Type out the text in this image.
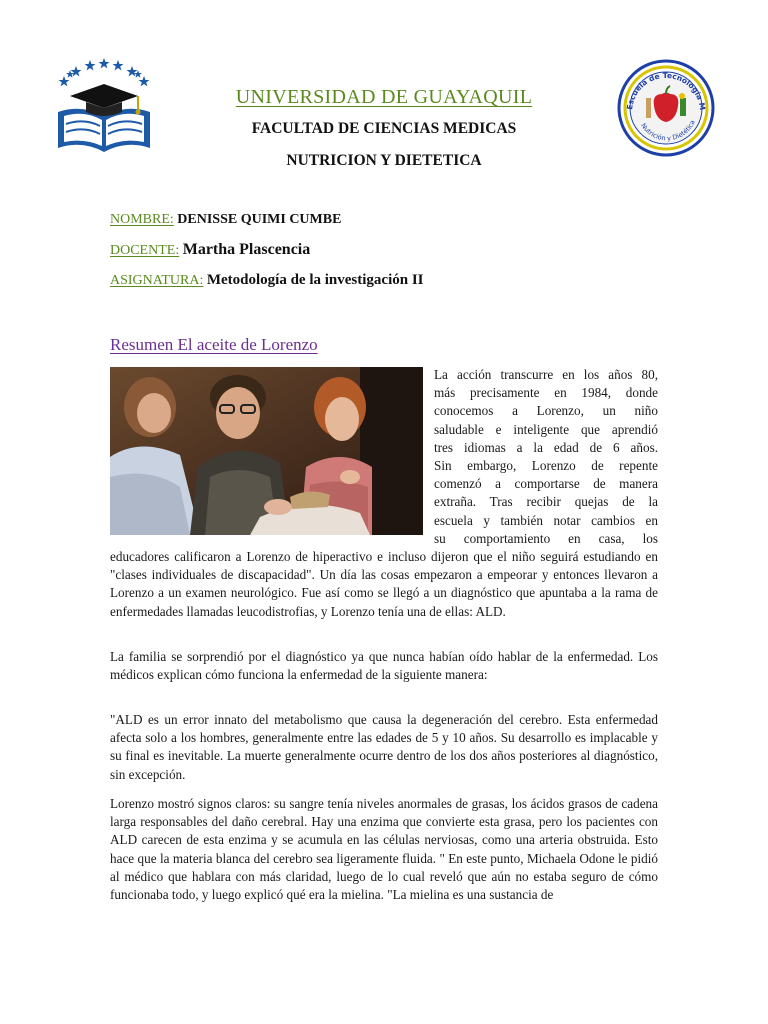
UNIVERSIDAD DE GUAYAQUIL
FACULTAD DE CIENCIAS MEDICAS
NUTRICION Y DIETETICA
Escuela de Tecnología M
Nutrición y Dietética
NOMBRE: DENISSE QUIMI CUMBE
DOCENTE: Martha Plascencia
ASIGNATURA: Metodología de la investigación II
Resumen El aceite de Lorenzo
La acción transcurre en los años 80,
más precisamente en 1984, donde
conocemos a Lorenzo, un niño
saludable e inteligente que aprendió
tres idiomas a la edad de 6 años.
Sin embargo, Lorenzo de repente
comenzó a comportarse de manera
extraña. Tras recibir quejas de la
escuela y también notar cambios en
su comportamiento en casa, los

educadores calificaron a Lorenzo de hiperactivo e incluso dijeron que el niño seguirá estudiando en "clases individuales de discapacidad". Un día las cosas empezaron a empeorar y entonces llevaron a Lorenzo a un examen neurológico. Fue así como se llegó a un diagnóstico que apuntaba a la rama de enfermedades llamadas leucodistrofias, y Lorenzo tenía una de ellas: ALD.

La familia se sorprendió por el diagnóstico ya que nunca habían oído hablar de la enfermedad. Los médicos explican cómo funciona la enfermedad de la siguiente manera:

"ALD es un error innato del metabolismo que causa la degeneración del cerebro. Esta enfermedad afecta solo a los hombres, generalmente entre las edades de 5 y 10 años. Su desarrollo es implacable y su final es inevitable. La muerte generalmente ocurre dentro de los dos años posteriores al diagnóstico, sin excepción.

Lorenzo mostró signos claros: su sangre tenía niveles anormales de grasas, los ácidos grasos de cadena larga responsables del daño cerebral. Hay una enzima que convierte esta grasa, pero los pacientes con ALD carecen de esta enzima y se acumula en las células nerviosas, como una arteria obstruida. Esto hace que la materia blanca del cerebro sea ligeramente fluida. " En este punto, Michaela Odone le pidió al médico que hablara con más claridad, luego de lo cual reveló que aún no estaba seguro de cómo funcionaba todo, y luego explicó qué era la mielina. "La mielina es una sustancia de
